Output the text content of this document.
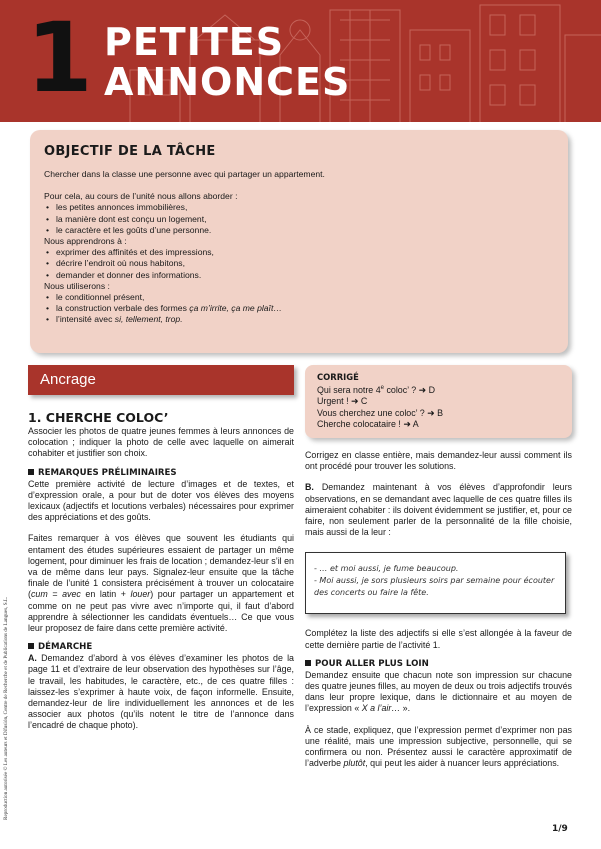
1 PETITES
ANNONCES
OBJECTIF DE LA TÂCHE

Chercher dans la classe une personne avec qui partager un appartement.

Pour cela, au cours de l’unité nous allons aborder :

• les petites annonces immobilières,
• la manière dont est conçu un logement,
• le caractère et les goûts d’une personne.

Nous apprendrons à :

• exprimer des affinités et des impressions,
• décrire l’endroit où nous habitons,
• demander et donner des informations.

Nous utiliserons :

• le conditionnel présent,
• la construction verbale des formes ça m’irrite, ça me plaît…
• l’intensité avec si, tellement, trop.
Reproduction autorisée © Les auteurs et Difusión, Centre de Recherche et de Publications de Langues, S.L.
Ancrage
1. CHERCHE COLOC’

Associer les photos de quatre jeunes femmes à leurs annonces de colocation ; indiquer la photo de celle avec laquelle on aimerait cohabiter et justifier son choix.

REMARQUES PRÉLIMINAIRES

Cette première activité de lecture d’images et de textes, et d’expression orale, a pour but de doter vos élèves des moyens lexicaux (adjectifs et locutions verbales) nécessaires pour exprimer des appréciations et des goûts.

Faites remarquer à vos élèves que souvent les étudiants qui entament des études supérieures essaient de partager un même logement, pour diminuer les frais de location ; demandez-leur s’il en va de même dans leur pays. Signalez-leur ensuite que la tâche finale de l’unité 1 consistera précisément à trouver un colocataire (cum = avec en latin + louer) pour partager un appartement et comme on ne peut pas vivre avec n’importe qui, il faut d’abord apprendre à sélectionner les candidats éventuels… Ce que vous leur proposez de faire dans cette première activité.

DÉMARCHE

A. Demandez d’abord à vos élèves d’examiner les photos de la page 11 et d’extraire de leur observation des hypothèses sur l’âge, le travail, les habitudes, le caractère, etc., de ces quatre filles : laissez-les s’exprimer à haute voix, de façon informelle. Ensuite, demandez-leur de lire individuellement les annonces et de les associer aux photos (qu’ils notent le titre de l’annonce dans l’encadré de chaque photo).

CORRIGÉ
Qui sera notre 4e coloc’ ? ➜ D
Urgent ! ➜ C
Vous cherchez une coloc’ ? ➜ B
Cherche colocataire ! ➜ A

Corrigez en classe entière, mais demandez-leur aussi comment ils ont procédé pour trouver les solutions.

B. Demandez maintenant à vos élèves d’approfondir leurs observations, en se demandant avec laquelle de ces quatre filles ils aimeraient cohabiter : ils doivent évidemment se justifier, et, pour ce faire, non seulement parler de la personnalité de la fille choisie, mais aussi de la leur :

- … et moi aussi, je fume beaucoup.
- Moi aussi, je sors plusieurs soirs par semaine pour écouter des concerts ou faire la fête.

Complétez la liste des adjectifs si elle s’est allongée à la faveur de cette dernière partie de l’activité 1.

POUR ALLER PLUS LOIN

Demandez ensuite que chacun note son impression sur chacune des quatre jeunes filles, au moyen de deux ou trois adjectifs trouvés dans leur propre lexique, dans le dictionnaire et au moyen de l’expression « X a l’air… ».

À ce stade, expliquez, que l’expression permet d’exprimer non pas une réalité, mais une impression subjective, personnelle, qui se confirmera ou non. Présentez aussi le caractère approximatif de l’adverbe plutôt, qui peut les aider à nuancer leurs appréciations.

1/9
